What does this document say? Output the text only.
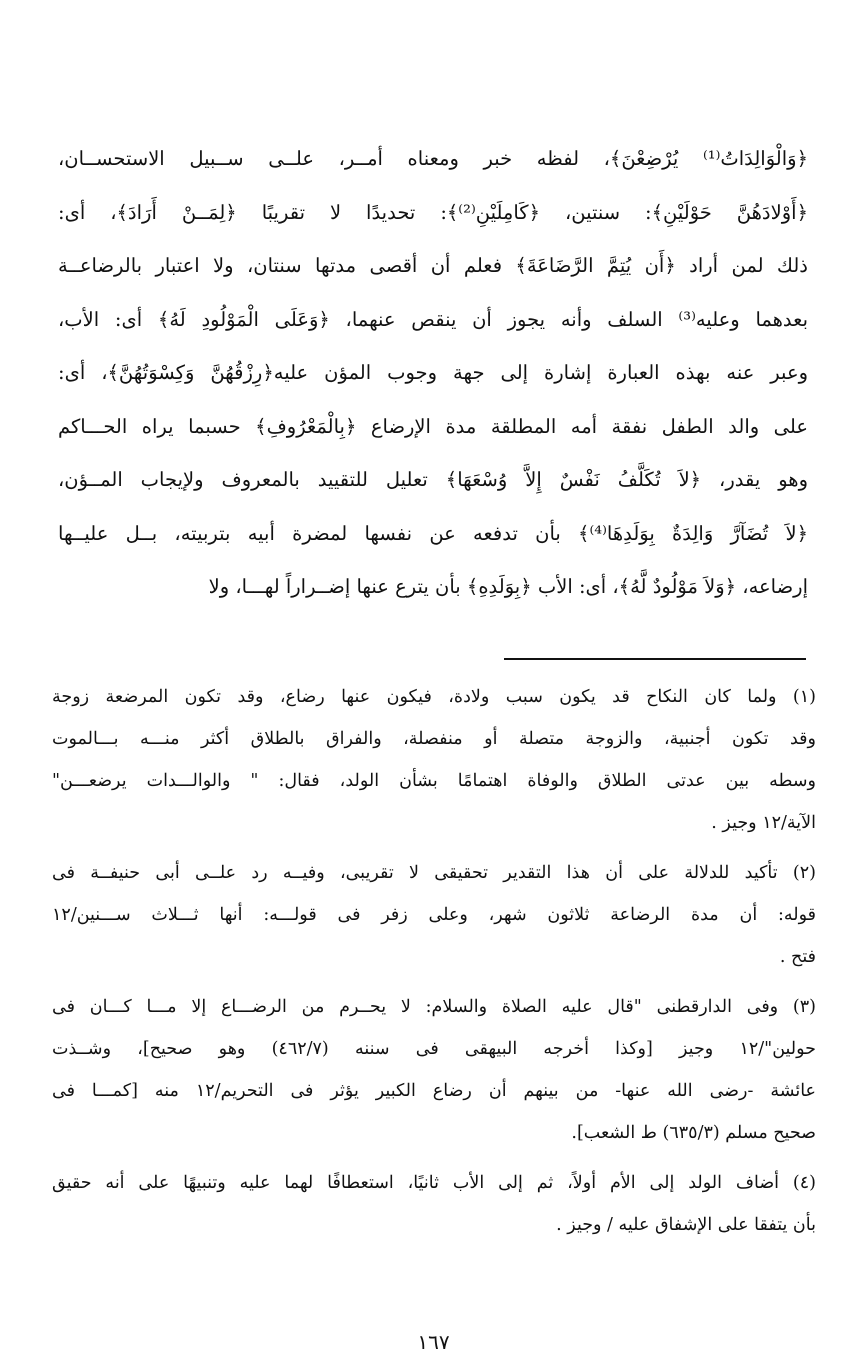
﴿وَالْوَالِدَاتُ⁽¹⁾ يُرْضِعْنَ﴾، لفظه خبر ومعناه أمــر، علــى ســبيل الاستحســان،
﴿أَوْلادَهُنَّ حَوْلَيْنِ﴾: سنتين، ﴿كَامِلَيْنِ⁽²⁾﴾: تحديدًا لا تقريبًا ﴿لِمَــنْ أَرَادَ﴾، أى:
ذلك لمن أراد ﴿أَن يُتِمَّ الرَّضَاعَةَ﴾ فعلم أن أقصى مدتها سنتان، ولا اعتبار بالرضاعــة
بعدهما وعليه⁽³⁾ السلف وأنه يجوز أن ينقص عنهما، ﴿وَعَلَى الْمَوْلُودِ لَهُ﴾ أى: الأب،
وعبر عنه بهذه العبارة إشارة إلى جهة وجوب المؤن عليه﴿رِزْقُهُنَّ وَكِسْوَتُهُنَّ﴾، أى:
على والد الطفل نفقة أمه المطلقة مدة الإرضاع ﴿بِالْمَعْرُوفِ﴾ حسبما يراه الحـــاكم
وهو يقدر، ﴿لاَ تُكَلَّفُ نَفْسٌ إِلاَّ وُسْعَهَا﴾ تعليل للتقييد بالمعروف ولإيجاب المــؤن،
﴿لاَ تُضَآرَّ وَالِدَةٌ بِوَلَدِهَا⁽⁴⁾﴾ بأن تدفعه عن نفسها لمضرة أبيه بتربيته، بــل عليــها
إرضاعه، ﴿وَلاَ مَوْلُودٌ لَّهُ﴾، أى: الأب ﴿بِوَلَدِهِ﴾ بأن يترع عنها إضــراراً لهـــا، ولا
(١) ولما كان النكاح قد يكون سبب ولادة، فيكون عنها رضاع، وقد تكون المرضعة زوجة
وقد تكون أجنبية، والزوجة متصلة أو منفصلة، والفراق بالطلاق أكثر منـــه بـــالموت
وسطه بين عدتى الطلاق والوفاة اهتمامًا بشأن الولد، فقال: " والوالـــدات يرضعـــن"
الآية/١٢ وجيز .
(٢) تأكيد للدلالة على أن هذا التقدير تحقيقى لا تقريبى، وفيــه رد علــى أبى حنيفــة فى
قوله: أن مدة الرضاعة ثلاثون شهر، وعلى زفر فى قولـــه: أنها ثـــلاث ســـنين/١٢
فتح .
(٣) وفى الدارقطنى "قال عليه الصلاة والسلام: لا يحــرم من الرضـــاع إلا مـــا كـــان فى
حولين"/١٢ وجيز [وكذا أخرجه البيهقى فى سننه (٤٦٢/٧) وهو صحيح]، وشــذت
عائشة -رضى الله عنها- من بينهم أن رضاع الكبير يؤثر فى التحريم/١٢ منه [كمـــا فى
صحيح مسلم (٦٣٥/٣) ط الشعب].
(٤) أضاف الولد إلى الأم أولاً، ثم إلى الأب ثانيًا، استعطافًا لهما عليه وتنبيهًا على أنه حقيق
بأن يتفقا على الإشفاق عليه / وجيز .
١٦٧
